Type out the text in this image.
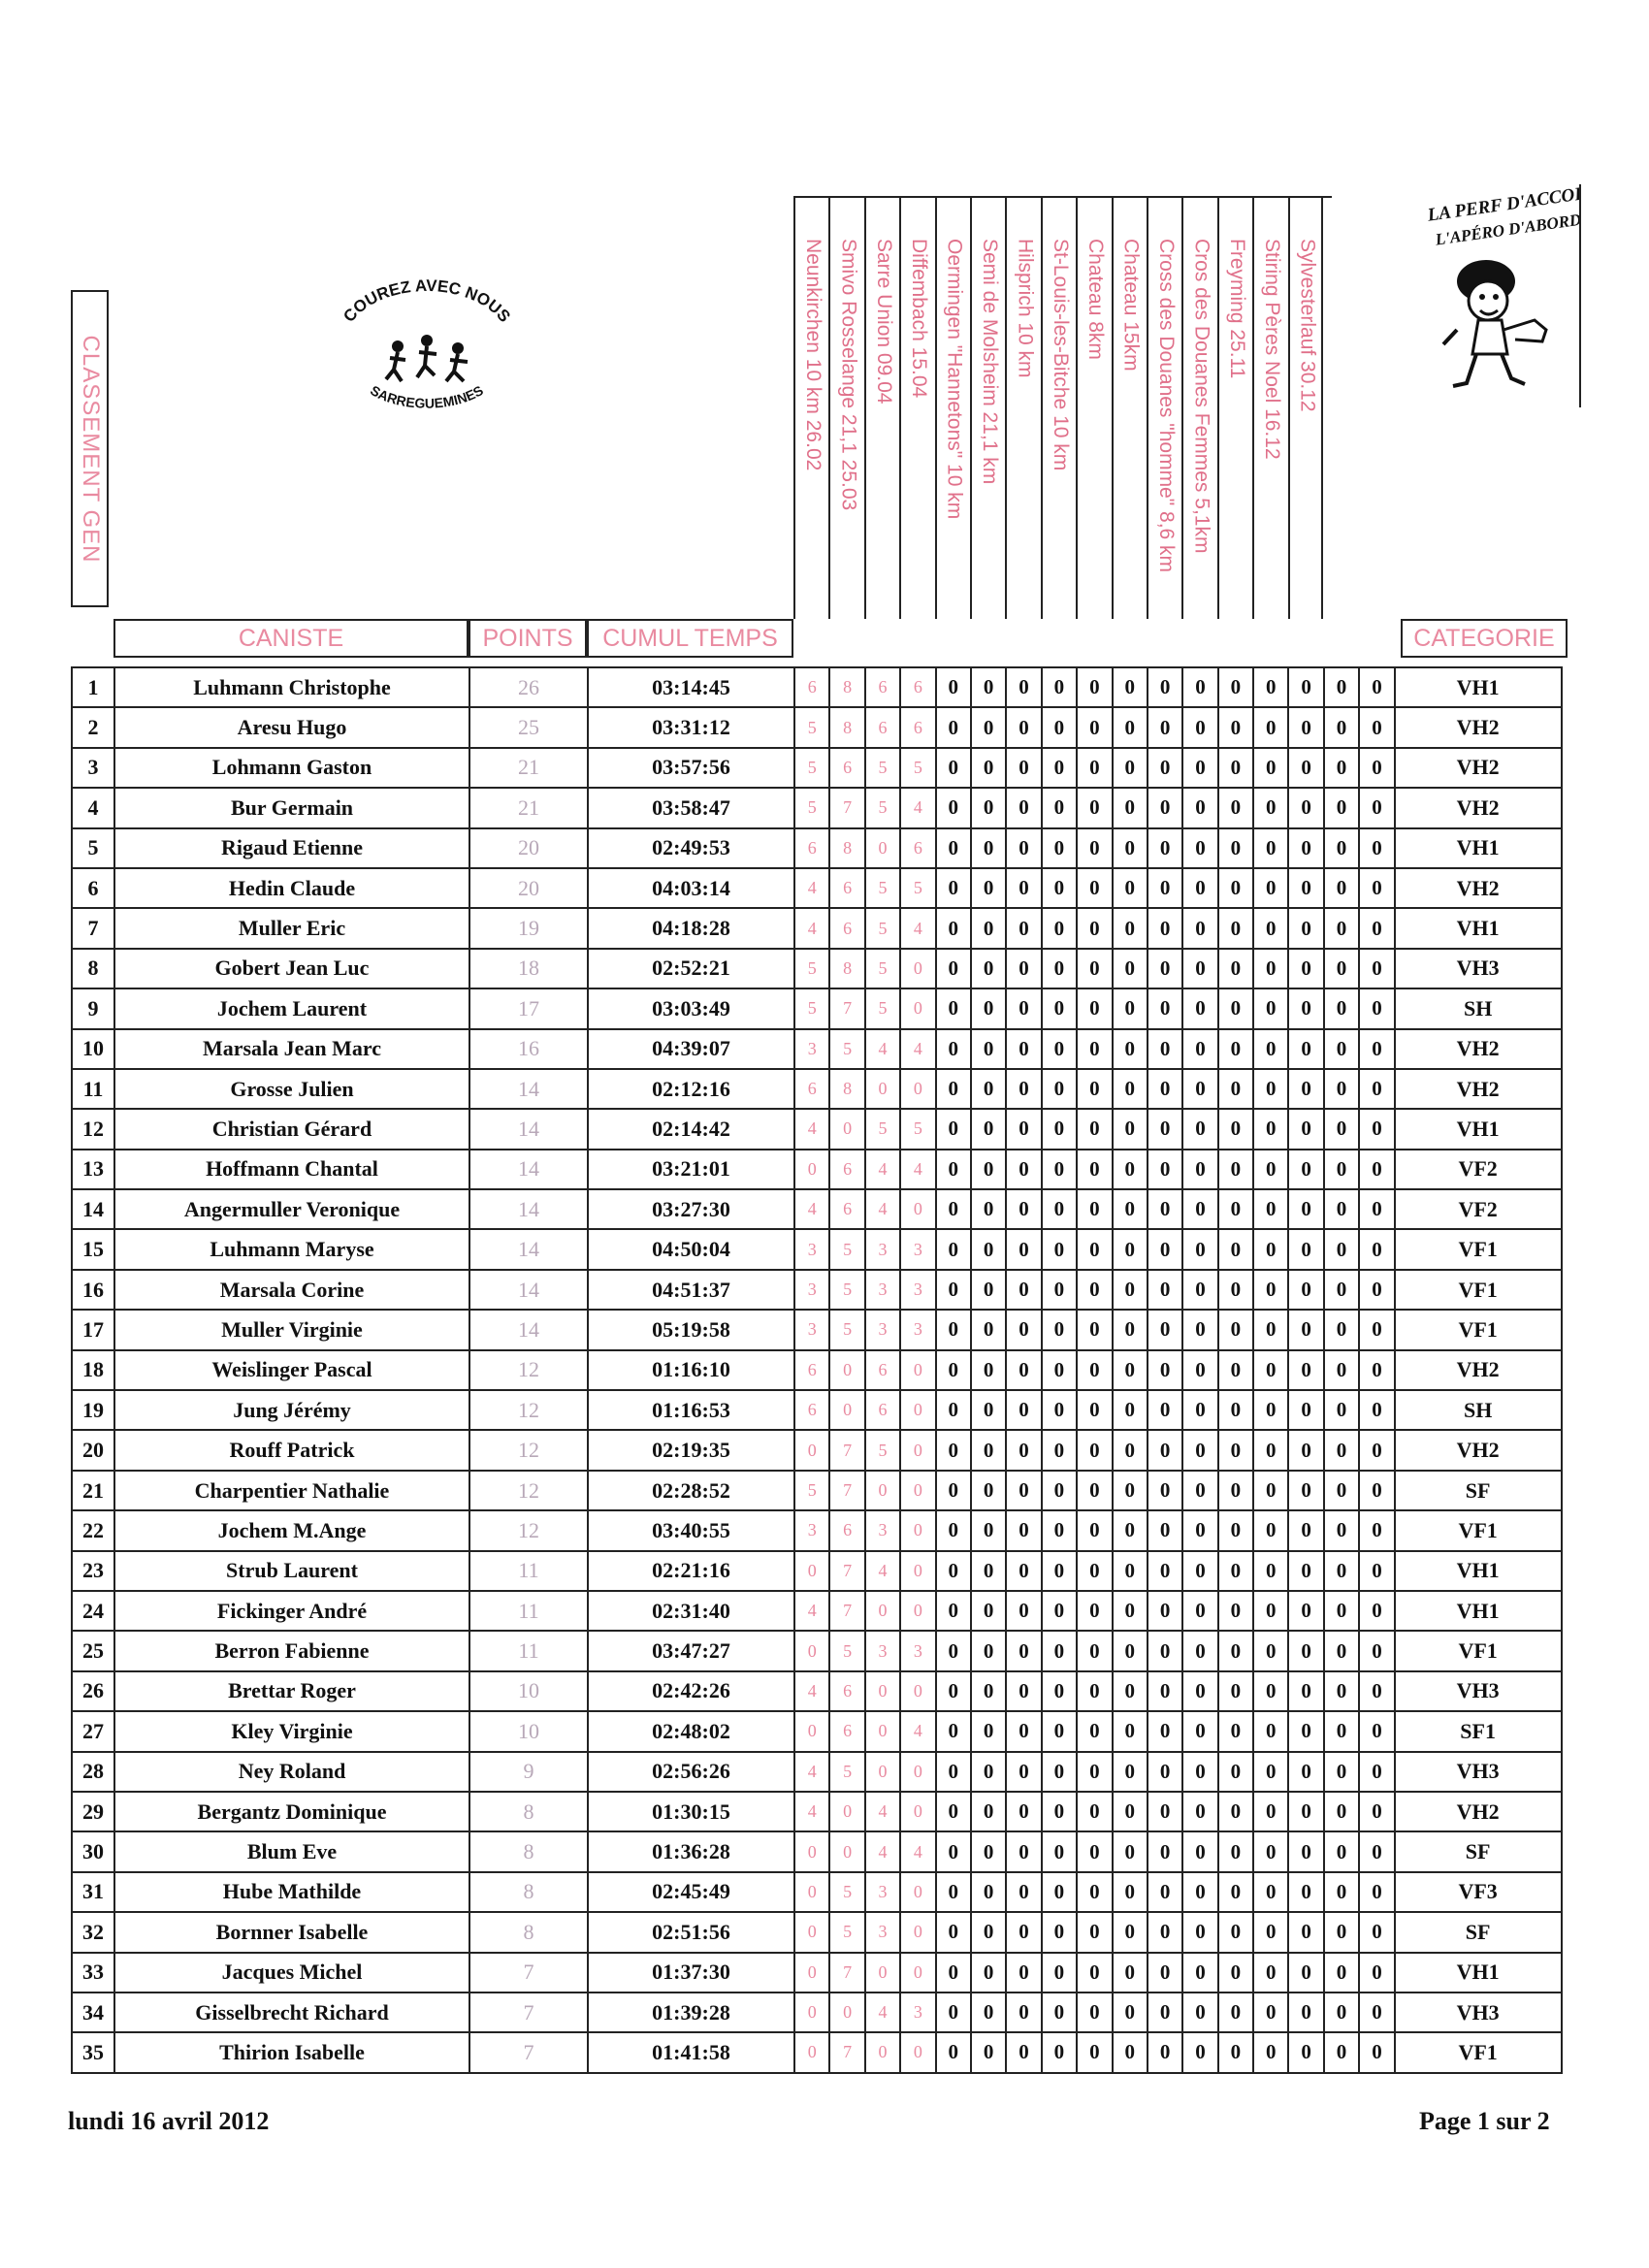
CLASSEMENT GEN
COUREZ AVEC NOUS
SARREGUEMINES
LA PERF D'ACCORD
L'APÉRO D'ABORD
Neunkirchen 10 km 26.02 Smivo Rosselange 21,1 25.03 Sarre Union 09.04 Diffembach 15.04 Oermingen "Hannetons" 10 km Semi de Molsheim 21,1 km Hilsprich 10 km St-Louis-les-Bitche 10 km Chateau 8km Chateau 15km Cross des Douanes "homme" 8,6 km Cros des Douanes Femmes 5,1km Freyming 25.11 Stiring Pères Noel 16.12 Sylvesterlauf 30.12
CANISTE	POINTS	CUMUL TEMPS	CATEGORIE
1	Luhmann Christophe	26	03:14:45	6	8	6	6	0	0	0	0	0	0	0	0	0	0	0	0	0	VH1
2	Aresu Hugo	25	03:31:12	5	8	6	6	0	0	0	0	0	0	0	0	0	0	0	0	0	VH2
3	Lohmann Gaston	21	03:57:56	5	6	5	5	0	0	0	0	0	0	0	0	0	0	0	0	0	VH2
4	Bur Germain	21	03:58:47	5	7	5	4	0	0	0	0	0	0	0	0	0	0	0	0	0	VH2
5	Rigaud Etienne	20	02:49:53	6	8	0	6	0	0	0	0	0	0	0	0	0	0	0	0	0	VH1
6	Hedin Claude	20	04:03:14	4	6	5	5	0	0	0	0	0	0	0	0	0	0	0	0	0	VH2
7	Muller Eric	19	04:18:28	4	6	5	4	0	0	0	0	0	0	0	0	0	0	0	0	0	VH1
8	Gobert Jean Luc	18	02:52:21	5	8	5	0	0	0	0	0	0	0	0	0	0	0	0	0	0	VH3
9	Jochem Laurent	17	03:03:49	5	7	5	0	0	0	0	0	0	0	0	0	0	0	0	0	0	SH
10	Marsala Jean Marc	16	04:39:07	3	5	4	4	0	0	0	0	0	0	0	0	0	0	0	0	0	VH2
11	Grosse Julien	14	02:12:16	6	8	0	0	0	0	0	0	0	0	0	0	0	0	0	0	0	VH2
12	Christian Gérard	14	02:14:42	4	0	5	5	0	0	0	0	0	0	0	0	0	0	0	0	0	VH1
13	Hoffmann Chantal	14	03:21:01	0	6	4	4	0	0	0	0	0	0	0	0	0	0	0	0	0	VF2
14	Angermuller Veronique	14	03:27:30	4	6	4	0	0	0	0	0	0	0	0	0	0	0	0	0	0	VF2
15	Luhmann Maryse	14	04:50:04	3	5	3	3	0	0	0	0	0	0	0	0	0	0	0	0	0	VF1
16	Marsala Corine	14	04:51:37	3	5	3	3	0	0	0	0	0	0	0	0	0	0	0	0	0	VF1
17	Muller Virginie	14	05:19:58	3	5	3	3	0	0	0	0	0	0	0	0	0	0	0	0	0	VF1
18	Weislinger Pascal	12	01:16:10	6	0	6	0	0	0	0	0	0	0	0	0	0	0	0	0	0	VH2
19	Jung Jérémy	12	01:16:53	6	0	6	0	0	0	0	0	0	0	0	0	0	0	0	0	0	SH
20	Rouff Patrick	12	02:19:35	0	7	5	0	0	0	0	0	0	0	0	0	0	0	0	0	0	VH2
21	Charpentier Nathalie	12	02:28:52	5	7	0	0	0	0	0	0	0	0	0	0	0	0	0	0	0	SF
22	Jochem M.Ange	12	03:40:55	3	6	3	0	0	0	0	0	0	0	0	0	0	0	0	0	0	VF1
23	Strub Laurent	11	02:21:16	0	7	4	0	0	0	0	0	0	0	0	0	0	0	0	0	0	VH1
24	Fickinger André	11	02:31:40	4	7	0	0	0	0	0	0	0	0	0	0	0	0	0	0	0	VH1
25	Berron Fabienne	11	03:47:27	0	5	3	3	0	0	0	0	0	0	0	0	0	0	0	0	0	VF1
26	Brettar Roger	10	02:42:26	4	6	0	0	0	0	0	0	0	0	0	0	0	0	0	0	0	VH3
27	Kley Virginie	10	02:48:02	0	6	0	4	0	0	0	0	0	0	0	0	0	0	0	0	0	SF1
28	Ney Roland	9	02:56:26	4	5	0	0	0	0	0	0	0	0	0	0	0	0	0	0	0	VH3
29	Bergantz Dominique	8	01:30:15	4	0	4	0	0	0	0	0	0	0	0	0	0	0	0	0	0	VH2
30	Blum Eve	8	01:36:28	0	0	4	4	0	0	0	0	0	0	0	0	0	0	0	0	0	SF
31	Hube Mathilde	8	02:45:49	0	5	3	0	0	0	0	0	0	0	0	0	0	0	0	0	0	VF3
32	Bornner Isabelle	8	02:51:56	0	5	3	0	0	0	0	0	0	0	0	0	0	0	0	0	0	SF
33	Jacques Michel	7	01:37:30	0	7	0	0	0	0	0	0	0	0	0	0	0	0	0	0	0	VH1
34	Gisselbrecht Richard	7	01:39:28	0	0	4	3	0	0	0	0	0	0	0	0	0	0	0	0	0	VH3
35	Thirion Isabelle	7	01:41:58	0	7	0	0	0	0	0	0	0	0	0	0	0	0	0	0	0	VF1
lundi 16 avril 2012	Page 1 sur 2
